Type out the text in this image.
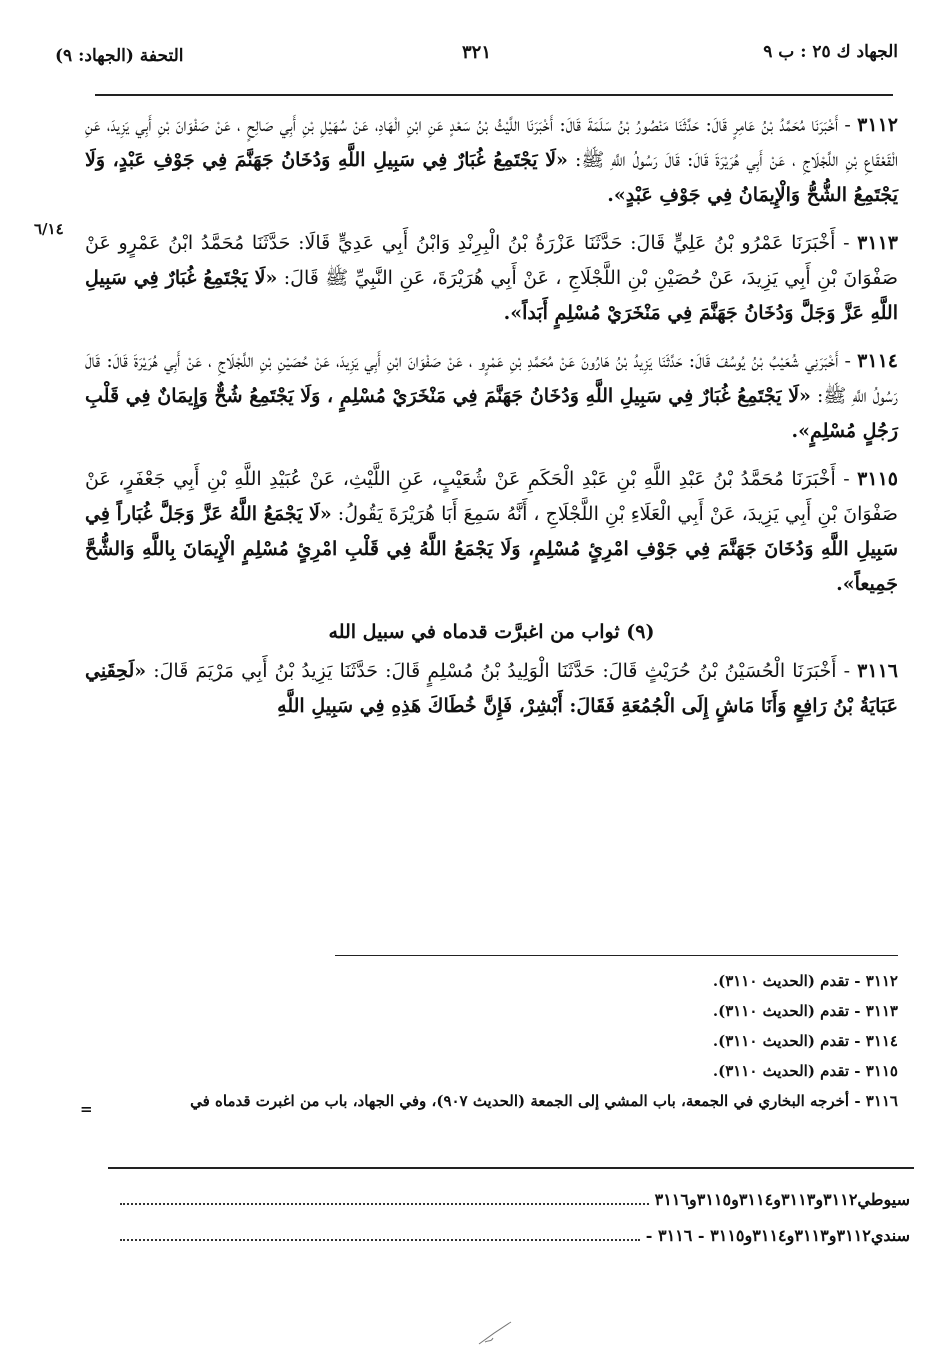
الجهاد ك ٢٥ : ب ٩
٣٢١
التحفة (الجهاد: ٩)
٦/١٤

٣١١٢ - أَخْبَرَنَا مُحَمَّدُ بْنُ عَامِرٍ قَالَ: حَدَّثَنَا مَنْصُورُ بْنُ سَلَمَةَ قَالَ: أَخْبَرَنَا اللَّيْثُ بْنُ سَعْدٍ عَنِ ابْنِ الْهَادِ، عَنْ سُهَيْلِ بْنِ أَبِي صَالِحٍ ، عَنْ صَفْوَانَ بْنِ أَبِي يَزِيدَ، عَنِ الْقَعْقَاعِ بْنِ اللَّجْلَاجِ ، عَنْ أَبِي هُرَيْرَةَ قَالَ: قَالَ رَسُولُ اللَّهِ ﷺ: «لَا يَجْتَمِعُ غُبَارٌ فِي سَبِيلِ اللَّهِ وَدُخَانُ جَهَنَّمَ فِي جَوْفِ عَبْدٍ، وَلَا يَجْتَمِعُ الشُّحُّ وَالْإِيمَانُ فِي جَوْفِ عَبْدٍ».

٣١١٣ - أَخْبَرَنَا عَمْرُو بْنُ عَلِيٍّ قَالَ: حَدَّثَنَا عَزْرَةُ بْنُ الْبِرِنْدِ وَابْنُ أَبِي عَدِيٍّ قَالَا: حَدَّثَنَا مُحَمَّدُ ابْنُ عَمْرٍو عَنْ صَفْوَانَ بْنِ أَبِي يَزِيدَ، عَنْ حُصَيْنِ بْنِ اللَّجْلَاجِ ، عَنْ أَبِي هُرَيْرَةَ، عَنِ النَّبِيِّ ﷺ قَالَ: «لَا يَجْتَمِعُ غُبَارٌ فِي سَبِيلِ اللَّهِ عَزَّ وَجَلَّ وَدُخَانُ جَهَنَّمَ فِي مَنْخَرَيْ مُسْلِمٍ أَبَداً».

٣١١٤ - أَخْبَرَنِي شُعَيْبُ بْنُ يُوسُفَ قَالَ: حَدَّثَنَا يَزِيدُ بْنُ هَارُونَ عَنْ مُحَمَّدِ بْنِ عَمْرٍو ، عَنْ صَفْوَانَ ابْنِ أَبِي يَزِيدَ، عَنْ حُصَيْنِ بْنِ اللَّجْلَاجِ ، عَنْ أَبِي هُرَيْرَةَ قَالَ: قَالَ رَسُولُ اللَّهِ ﷺ: «لَا يَجْتَمِعُ غُبَارٌ فِي سَبِيلِ اللَّهِ وَدُخَانُ جَهَنَّمَ فِي مَنْخَرَيْ مُسْلِمٍ ، وَلَا يَجْتَمِعُ شُحٌّ وَإِيمَانٌ فِي قَلْبِ رَجُلٍ مُسْلِمٍ».

٣١١٥ - أَخْبَرَنَا مُحَمَّدُ بْنُ عَبْدِ اللَّهِ بْنِ عَبْدِ الْحَكَمِ عَنْ شُعَيْبٍ، عَنِ اللَّيْثِ، عَنْ عُبَيْدِ اللَّهِ بْنِ أَبِي جَعْفَرٍ، عَنْ صَفْوَانَ بْنِ أَبِي يَزِيدَ، عَنْ أَبِي الْعَلَاءِ بْنِ اللَّجْلَاجِ ، أَنَّهُ سَمِعَ أَبَا هُرَيْرَةَ يَقُولُ: «لَا يَجْمَعُ اللَّهُ عَزَّ وَجَلَّ غُبَاراً فِي سَبِيلِ اللَّهِ وَدُخَانَ جَهَنَّمَ فِي جَوْفِ امْرِئٍ مُسْلِمٍ، وَلَا يَجْمَعُ اللَّهُ فِي قَلْبِ امْرِئٍ مُسْلِمٍ الْإِيمَانَ بِاللَّهِ وَالشُّحَّ جَمِيعاً».

(٩) ثواب من اغبرَّت قدماه في سبيل الله

٣١١٦ - أَخْبَرَنَا الْحُسَيْنُ بْنُ حُرَيْثٍ قَالَ: حَدَّثَنَا الْوَلِيدُ بْنُ مُسْلِمٍ قَالَ: حَدَّثَنَا يَزِيدُ بْنُ أَبِي مَرْيَمَ قَالَ: «لَحِقَنِي عَبَايَةُ بْنُ رَافِعٍ وَأَنَا مَاشٍ إِلَى الْجُمُعَةِ فَقَالَ: أَبْشِرْ، فَإِنَّ خُطَاكَ هَذِهِ فِي سَبِيلِ اللَّهِ

٣١١٢ - تقدم (الحديث ٣١١٠).
٣١١٣ - تقدم (الحديث ٣١١٠).
٣١١٤ - تقدم (الحديث ٣١١٠).
٣١١٥ - تقدم (الحديث ٣١١٠).
٣١١٦ - أخرجه البخاري في الجمعة، باب المشي إلى الجمعة (الحديث ٩٠٧)، وفي الجهاد، باب من اغبرت قدماه في
=
سيوطي٣١١٢و٣١١٣و٣١١٤و٣١١٥و٣١١٦
سندي٣١١٢و٣١١٣و٣١١٤و٣١١٥ - ٣١١٦ -
